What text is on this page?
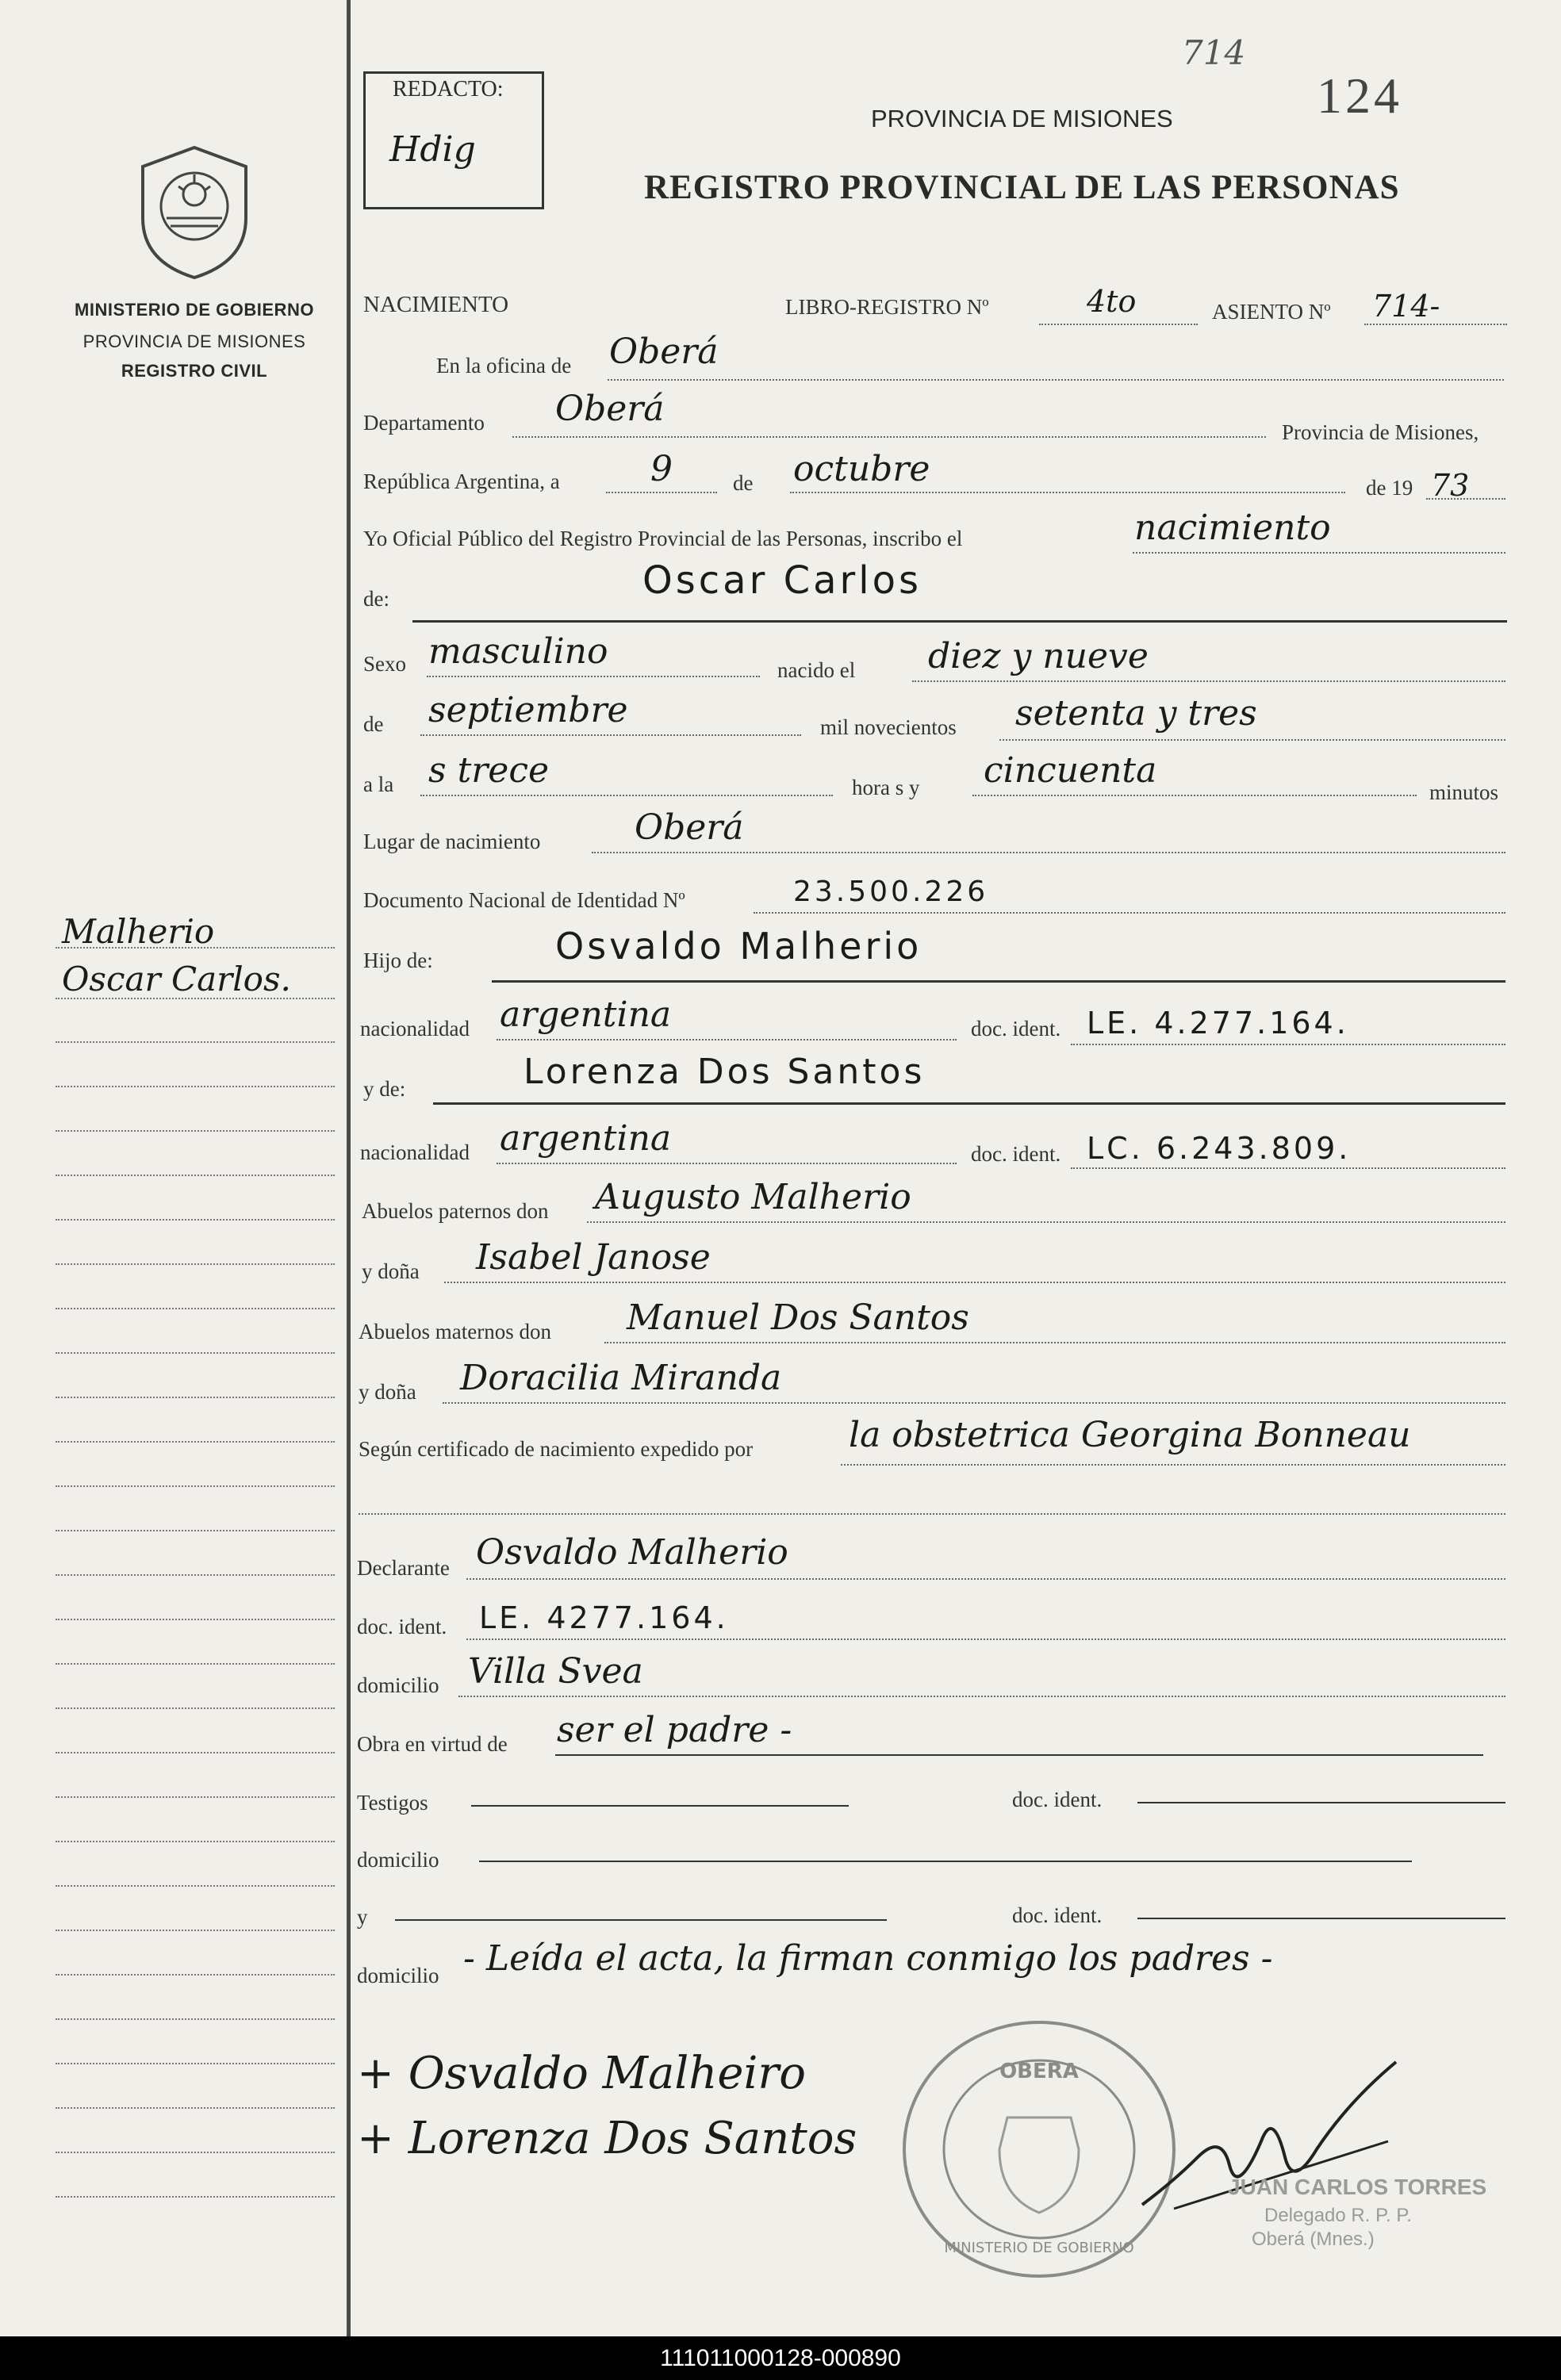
MINISTERIO DE GOBIERNO
PROVINCIA DE MISIONES
REGISTRO CIVIL
Malherio
Oscar Carlos.
REDACTO:
Hdig
714
124
PROVINCIA DE MISIONES
REGISTRO PROVINCIAL DE LAS PERSONAS
NACIMIENTO	LIBRO-REGISTRO Nº	4to	ASIENTO Nº 714-
En la oficina de Oberá
Departamento Oberá
Provincia de Misiones,
República Argentina, a	9	de octubre	de 19 73
Yo Oficial Público del Registro Provincial de las Personas, inscribo el	nacimiento
de:	Oscar Carlos
Sexo masculino	nacido el diez y nueve
de septiembre	mil novecientos setenta y tres
a la s trece	hora s y cincuenta
minutos
Lugar de nacimiento	Oberá
Documento Nacional de Identidad Nº	23.500.226
Hijo de:	Osvaldo Malherio
nacionalidad argentina	doc. ident. LE. 4.277.164.
y de:	Lorenza Dos Santos
nacionalidad argentina	doc. ident. LC. 6.243.809.
Abuelos paternos don Augusto Malherio
y doña Isabel Janose
Abuelos maternos don Manuel Dos Santos
y doña Doracilia Miranda
Según certificado de nacimiento expedido por	la obstetrica Georgina Bonneau
Declarante Osvaldo Malherio
doc. ident. LE. 4277.164.
domicilio Villa Svea
Obra en virtud de ser el padre -
Testigos	doc. ident.
domicilio
y	doc. ident.
domicilio - Leída el acta, la firman conmigo los padres -
OBERA
MINISTERIO DE GOBIERNO
+ Osvaldo Malheiro
+ Lorenza Dos Santos
JUAN CARLOS TORRES
Delegado R. P. P.
Oberá (Mnes.)
111011000128-000890
